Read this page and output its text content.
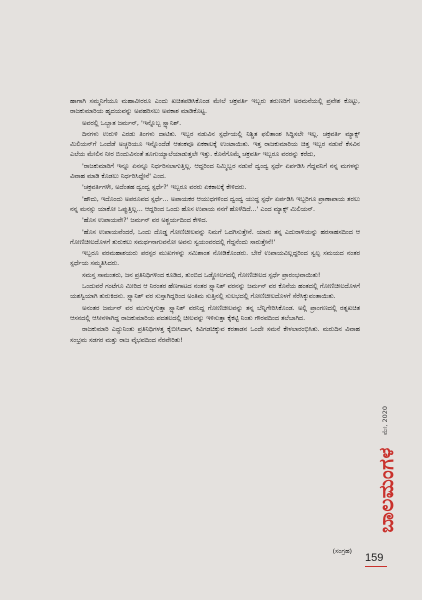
ಹಾಗಾಗಿ ಸಮ್ಮನಿಗೆಯೂ ಮಹಾವೀರರೂ ಎಂದು ಖಚಿತಪಡಿಸಿಕೊಂಡ ಮೇಲೆ ಚಕ್ರವರ್ತಿ ಇಬ್ಬರು ತರುಣರಿಗೆ ಅರಮನೆಯಲ್ಲಿ ಪ್ರವೇಶ ಕೊಟ್ಟು, ರಾಜಕುಮಾರಿಯ ಹೃದಯವನ್ನು ಅಪಹರಿಸಲು ಅವಕಾಶ ಮಾಡಿಕೊಟ್ಟ.

ಅವರಲ್ಲಿ ಒಬ್ಬಾತ ಜರ್ಮನ್, 'ಇನ್ನೊಬ್ಬ ಸ್ಪ್ಯಾನಿಶ್.

ದಿನಗಳು ಉರುಳಿ ಎರಡು ತಿಂಗಳು ದಾಟಿತು. ಇಬ್ಬರ ನಡುವಿನ ಸ್ಪರ್ಧೆಯಲ್ಲಿ ನಿಶ್ಚಿತ ಫಲಿತಾಂಶ ಸಿದ್ಧಿಸಲೇ ಇಲ್ಲ. ಚಕ್ರವರ್ತಿ ಮ್ಯಾಕ್ಸ್ ಮಿಲಿಯನ್‌ಗೆ ಒಂದೆಡೆ ಅಚ್ಚರಿಯೂ ಇನ್ನೊಂದೆಡೆ ಆತಂಕವೂ ಏಕಕಾಲಕ್ಕೆ ಉಂಟಾಯಿತು. ಇತ್ತ ರಾಜಕುಮಾರಿಯ ಚಿತ್ತ ಇಬ್ಬರ ನಡುವೆ ಕೆಸವಿನ ಎಲೆಯ ಮೇಲಿನ ನೀರ ಬಿಂದುವಿನಂತೆ ತೂಗುಯ್ಯಾಲೆಯಾಡುತ್ತಲೇ ಇತ್ತು. ಕೊನೆಗೊಮ್ಮೆ ಚಕ್ರವರ್ತಿ ಇಬ್ಬರೂ ವರರನ್ನು ಕರೆದು,

'ರಾಜಕುಮಾರಿಗೆ ಇನ್ನೂ ಏನನ್ನೂ ನಿರ್ಧರಿಸಲಾಗುತ್ತಿಲ್ಲ. ಆದ್ದರಿಂದ ನಿಮ್ಮಿಬ್ಬರ ನಡುವೆ ದ್ವಂದ್ವ ಸ್ಪರ್ಧೆ ಏರ್ಪಡಿಸಿ ಗೆದ್ದವನಿಗೆ ನನ್ನ ಮಗಳನ್ನು ವಿವಾಹ ಮಾಡಿ ಕೊಡಲು ನಿರ್ಧರಿಸಿದ್ದೇನೆ' ಎಂದ.

'ಚಕ್ರವರ್ತಿಗಳೇ, ಅದೆಂತಹ ದ್ವಂದ್ವ ಸ್ಪರ್ಧೆ?' ಇಬ್ಬರೂ ವರರು ಏಕಕಾಲಕ್ಕೆ ಕೇಳಿದರು.

'ಹೌದು, ಇದೊಂದು ಅಪರೂಪದ ಸ್ಪರ್ಧೆ... ಅಪಾಯಕರ ಆಯುಧಗಳಿಂದ ದ್ವಂದ್ವ ಯುದ್ಧ ಸ್ಪರ್ಧೆ ಏರ್ಪಡಿಸಿ ಇಬ್ಬರಿಗೂ ಪ್ರಾಣಾಪಾಯ ತರಲು ನನ್ನ ಮನಸ್ಸು ಯಾಕೋ ಒಪ್ಪುತ್ತಿಲ್ಲ... ಆದ್ದರಿಂದ ಒಂದು ಹೊಸ ಉಪಾಯ ನನಗೆ ಹೊಳೆದಿದೆ...' ಎಂದ ಮ್ಯಾಕ್ಸ್ ಮಿಲಿಯನ್.

'ಹೊಸ ಉಪಾಯವೇ?' ಜರ್ಮನ್ ವರ ಅಶ್ಚರ್ಯದಿಂದ ಕೇಳಿದ.

'ಹೊಸ ಉಪಾಯವೆಂದರೆ, ಒಂದು ದೊಡ್ಡ ಗೋಣಿಚೀಲವನ್ನು ನಿಮಗೆ ಒದಗಿಸುತ್ತೇನೆ. ಯಾರು ತನ್ನ ಎದುರಾಳಿಯನ್ನು ಹರಸಾಹಸದಿಂದ ಆ ಗೋಣಿಚೀಲದೊಳಗೆ ತುರುಕಲು ಸಮರ್ಥನಾಗುವನೋ ಅವನು ಸ್ವಯಂವರದಲ್ಲಿ ಗೆದ್ದನೆಂದು ಸಾರುತ್ತೇನೆ!'

ಇಬ್ಬರೂ ವರಮಹಾಶಯರು ಪರಸ್ಪರ ಮುಖಗಳನ್ನು ಸಮಿಶಾಂತ ನೋಡಿಕೊಂಡರು. ಬೇರೆ ಉಪಾಯವಿಲ್ಲದ್ದರಿಂದ ಸ್ವಲ್ಪ ಸಮಯದ ನಂತರ ಸ್ಪರ್ಧೆಯ ಸಮ್ಮತಿಸಿದರು.

ಸಮಸ್ತ ಸಾಮಂತರು, ಜನ ಪ್ರತಿನಿಧಿಗಳಿಂದ ಕೂಡಿದ, ತುಂಬಿದ ಒಡ್ಡೋಲಗದಲ್ಲಿ ಗೋಣಿಚೀಲದ ಸ್ಪರ್ಧೆ ಪ್ರಾರಂಭವಾಯಿತು!

ಒಂದುವರೆ ಗಂಟೆಗೂ ಮೀರಿದ ಆ ನಿರಂತರ ಹೆಣಗಾಟದ ನಂತರ ಸ್ಪ್ಯಾನಿಶ್ ವರನನ್ನು ಜರ್ಮನ್ ವರ ಕೊನೆಯ ಹಂತದಲ್ಲಿ ಗೋಣಿಚೀಲದೊಳಗೆ ಯಶಸ್ವಿಯಾಗಿ ತುರುಕಿದನು. ಸ್ಪ್ಯಾನಿಶ್ ವರ ಸುಸ್ತಾಗಿದ್ದರಿಂದ ಅಂತಿಮ ಸುತ್ತಿನಲ್ಲಿ ಸುಲಭದಲ್ಲಿ ಗೋಣಿಚೀಲದೊಳಗೆ ಸೆರೆಸಿಕ್ಕುವಂತಾಯಿತು.

ಅನಂತರ ಜರ್ಮನ್ ವರ ಮುಗುಳ್ನಗುತ್ತಾ ಸ್ಪ್ಯಾನಿಶ್ ವರನಿದ್ದ ಗೋಣಿಚೀಲವನ್ನು ತನ್ನ ಬೆನ್ನಿಗೇರಿಸಿಕೊಂಡ. ಅಲ್ಲಿ ಪ್ರಾಂಗಣದಲ್ಲಿ ರತ್ನಖಚಿತ ಆಸನದಲ್ಲಿ ಆಸೀನಳಾಗಿದ್ದ ರಾಜಕುಮಾರಿಯ ಪದತಲದಲ್ಲಿ ಚೀಲವನ್ನು ಇಳಿಸುತ್ತಾ ಕೈಕಟ್ಟಿ ನಿಂತು ಗೌರವದಿಂದ ತಲೆಬಾಗಿದ.

ರಾಜಕುಮಾರಿ ಎದ್ದುನಿಂತು ಪ್ರತಿನಿಧಿಗಳತ್ತ ಕೈಬೀಸಿದಾಗ, ಕಿವಿಗಡಚಿಕ್ಕುವ ಕರತಾಡನ ಒಂದೇ ಸಮನೆ ಕೇಳಲಾರಂಭಿಸಿತು. ಮರುದಿನ ವಿವಾಹ ಸಂಭ್ರಮ ಸಡಗರ ಮತ್ತು ರಾಜ ವೈಭವದಿಂದ ನೆರವೇರಿತು!

(ಸಂಗ್ರಹ)
ಮೇ, 2020
ಬಾಲಮಂಗಳ
159
